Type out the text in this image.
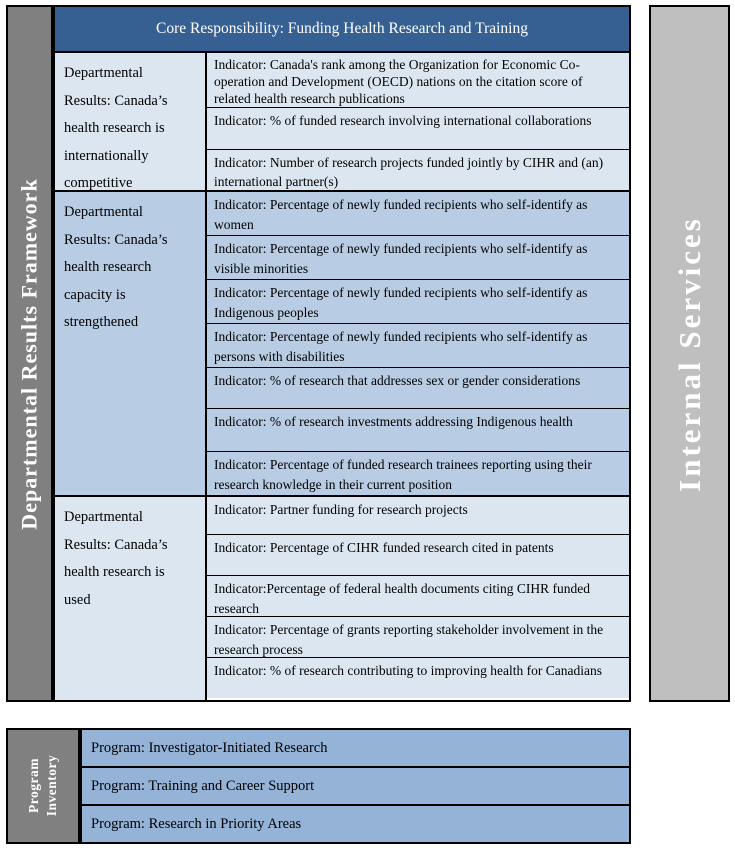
Departmental Results Framework
Core Responsibility: Funding Health Research and Training
Departmental Results: Canada’s health research is internationally competitive
Indicator: Canada's rank among the Organization for Economic Co-operation and Development (OECD) nations on the citation score of related health research publications
Indicator: % of funded research involving international collaborations
Indicator: Number of research projects funded jointly by CIHR and (an) international partner(s)
Departmental Results: Canada’s health research capacity is strengthened
Indicator: Percentage of newly funded recipients who self-identify as women
Indicator: Percentage of newly funded recipients who self-identify as visible minorities
Indicator: Percentage of newly funded recipients who self-identify as Indigenous peoples
Indicator: Percentage of newly funded recipients who self-identify as persons with disabilities
Indicator: % of research that addresses sex or gender considerations
Indicator: % of research investments addressing Indigenous health
Indicator: Percentage of funded research trainees reporting using their research knowledge in their current position
Departmental Results: Canada’s health research is used
Indicator: Partner funding for research projects
Indicator: Percentage of CIHR funded research cited in patents
Indicator:Percentage of federal health documents citing CIHR funded research
Indicator: Percentage of grants reporting stakeholder involvement in the research process
Indicator: % of research contributing to improving health for Canadians
Internal Services
Program Inventory
Program: Investigator-Initiated Research
Program: Training and Career Support
Program: Research in Priority Areas
